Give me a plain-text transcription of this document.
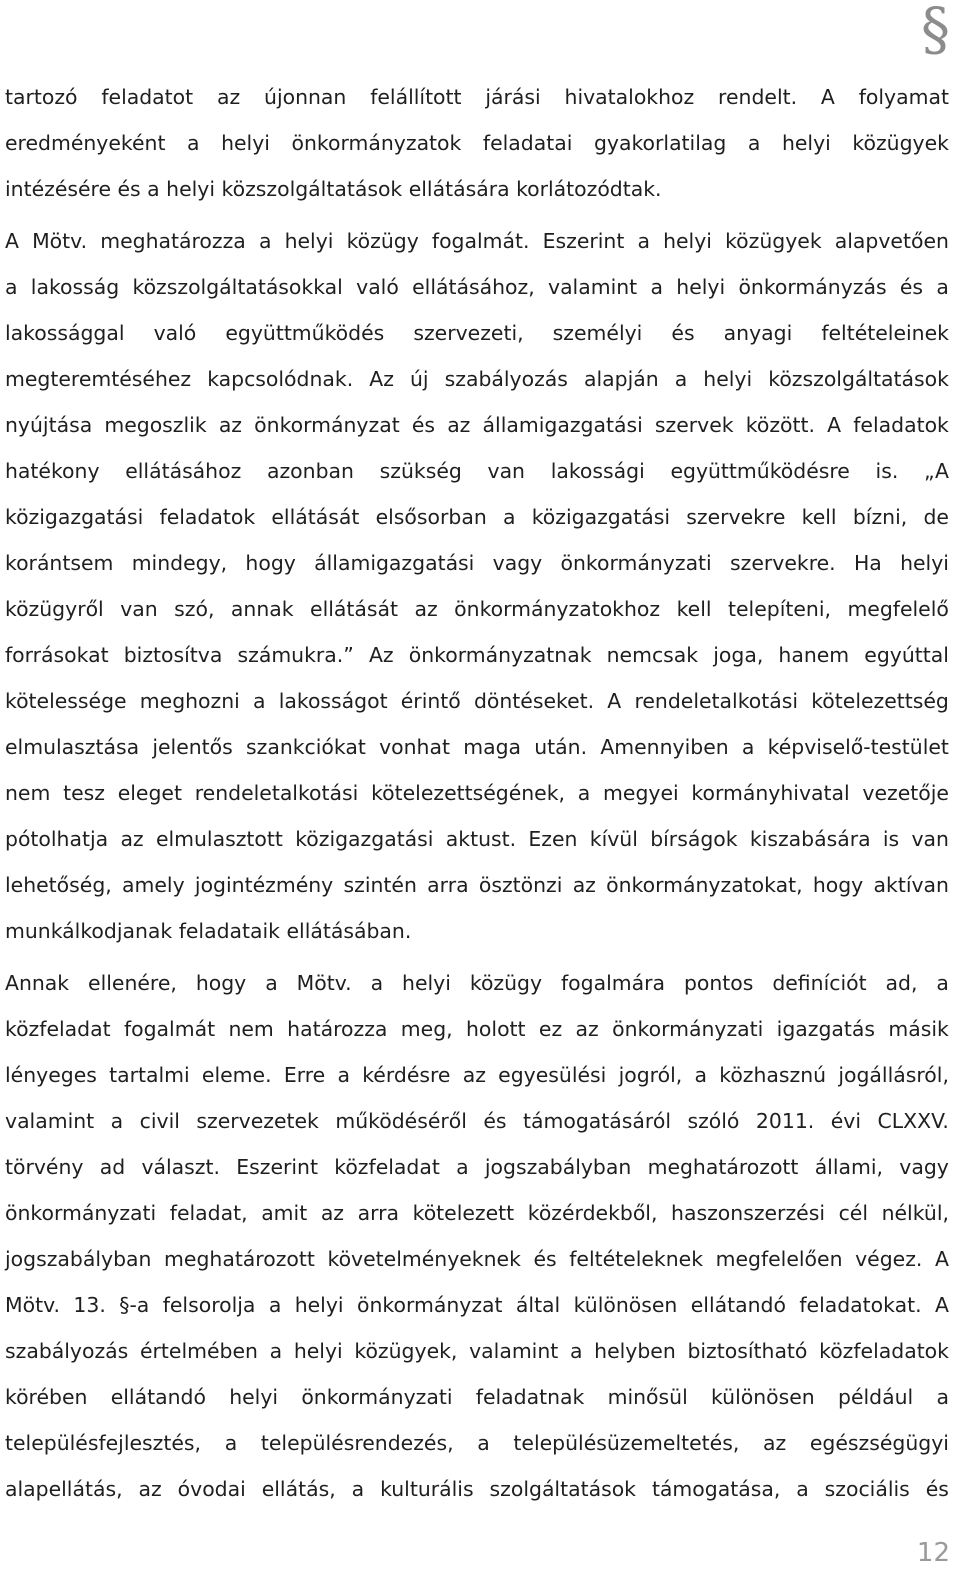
§
tartozó feladatot az újonnan felállított járási hivatalokhoz rendelt. A folyamat
eredményeként a helyi önkormányzatok feladatai gyakorlatilag a helyi közügyek
intézésére és a helyi közszolgáltatások ellátására korlátozódtak.
A Mötv. meghatározza a helyi közügy fogalmát. Eszerint a helyi közügyek alapvetően
a lakosság közszolgáltatásokkal való ellátásához, valamint a helyi önkormányzás és a
lakossággal való együttműködés szervezeti, személyi és anyagi feltételeinek
megteremtéséhez kapcsolódnak. Az új szabályozás alapján a helyi közszolgáltatások
nyújtása megoszlik az önkormányzat és az államigazgatási szervek között. A feladatok
hatékony ellátásához azonban szükség van lakossági együttműködésre is. „A
közigazgatási feladatok ellátását elsősorban a közigazgatási szervekre kell bízni, de
korántsem mindegy, hogy államigazgatási vagy önkormányzati szervekre. Ha helyi
közügyről van szó, annak ellátását az önkormányzatokhoz kell telepíteni, megfelelő
forrásokat biztosítva számukra.” Az önkormányzatnak nemcsak joga, hanem egyúttal
kötelessége meghozni a lakosságot érintő döntéseket. A rendeletalkotási kötelezettség
elmulasztása jelentős szankciókat vonhat maga után. Amennyiben a képviselő-testület
nem tesz eleget rendeletalkotási kötelezettségének, a megyei kormányhivatal vezetője
pótolhatja az elmulasztott közigazgatási aktust. Ezen kívül bírságok kiszabására is van
lehetőség, amely jogintézmény szintén arra ösztönzi az önkormányzatokat, hogy aktívan
munkálkodjanak feladataik ellátásában.
Annak ellenére, hogy a Mötv. a helyi közügy fogalmára pontos definíciót ad, a
közfeladat fogalmát nem határozza meg, holott ez az önkormányzati igazgatás másik
lényeges tartalmi eleme. Erre a kérdésre az egyesülési jogról, a közhasznú jogállásról,
valamint a civil szervezetek működéséről és támogatásáról szóló 2011. évi CLXXV.
törvény ad választ. Eszerint közfeladat a jogszabályban meghatározott állami, vagy
önkormányzati feladat, amit az arra kötelezett közérdekből, haszonszerzési cél nélkül,
jogszabályban meghatározott követelményeknek és feltételeknek megfelelően végez. A
Mötv. 13. §-a felsorolja a helyi önkormányzat által különösen ellátandó feladatokat. A
szabályozás értelmében a helyi közügyek, valamint a helyben biztosítható közfeladatok
körében ellátandó helyi önkormányzati feladatnak minősül különösen például a
településfejlesztés, a településrendezés, a településüzemeltetés, az egészségügyi
alapellátás, az óvodai ellátás, a kulturális szolgáltatások támogatása, a szociális és
12
